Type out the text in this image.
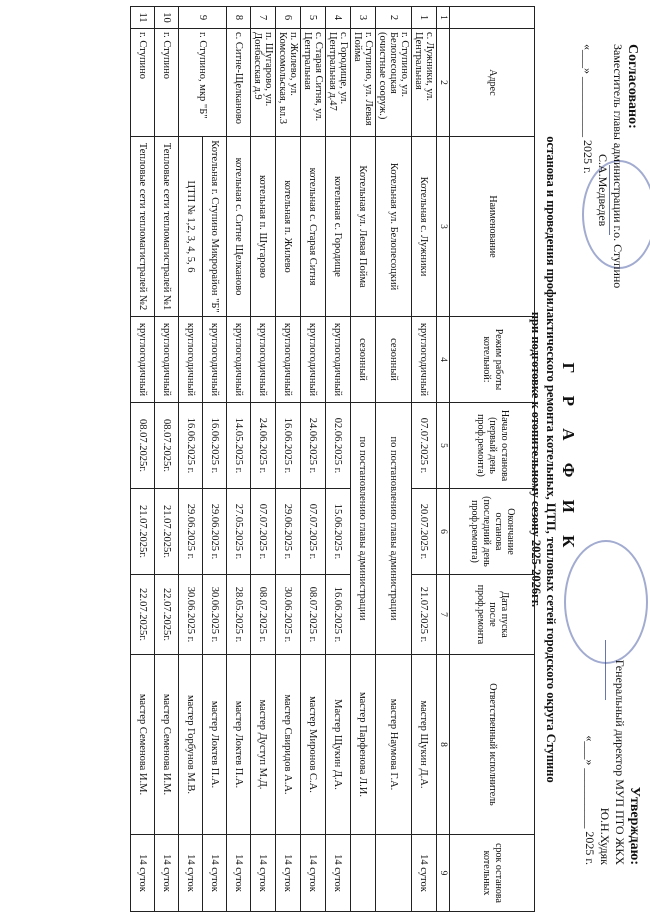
Согласовано:
Заместитель главы администрации г.о. Ступино
С.А.Медведев
«___» __________ 2025 г.
Утверждаю:
Генеральный директор МУП ПТО ЖКХ
Ю.Н.Худяк
«___» __________ 2025 г.
Г Р А Ф И К
останова и проведения профилактического ремонта котельных, ЦТП, тепловых сетей городского округа Ступино
при подготовке к отопительному сезону 2025-2026гг.
	Адрес	Наименование	Режим работы котельной:	Начало останова (первый день проф.ремонта)	Окончание останова (последний день проф.ремонта)	Дата пуска после проф.ремонта	Ответственный исполнитель	срок останова котельных
1	2	3	4	5	6	7	8	9
1	с. Лужники, ул. Центральная	Котельная с. Лужники	круглогодичный	07.07.2025 г.	20.07.2025 г.	21.07.2025 г.	мастер Щукин Д.А.	14 суток
2	г. Ступино, ул. Белопесоцкая (очистные сооруж.)	Котельная ул. Белопесоцкий	сезонный	по постановлению главы администрации			мастер Наумова Г.А.	
3	г. Ступино, ул. Левая Пойма	Котельная ул. Левая Пойма	сезонный	по постановлению главы администрации			мастер Парфенова Л.И.	
4	с. Городище, ул. Центральная д.47	котельная с. Городище	круглогодичный	02.06.2025 г.	15.06.2025 г.	16.06.2025 г.	Мастер Щукин Д.А.	14 суток
5	с. Старая Ситня, ул. Центральная	котельная с. Старая Ситня	круглогодичный	24.06.2025 г.	07.07.2025 г.	08.07.2025 г.	мастер Миронов С.А.	14 суток
6	п. Жилево, ул. Комсомольская, вл.3	котельная п. Жилево	круглогодичный	16.06.2025 г.	29.06.2025 г.	30.06.2025 г.	мастер Свиридов А.А.	14 суток
7	п. Шугарово, ул. Донбасская д.9	котельная п. Шугарово	круглогодичный	24.06.2025 г.	07.07.2025 г.	08.07.2025 г.	мастер Дуступ М.Д.	14 суток
8	с. Ситне-Щелканово	котельная с. Ситне Щелканово	круглогодичный	14.05.2025 г.	27.05.2025 г.	28.05.2025 г.	мастер Локтев П.А.	14 суток
9	г. Ступино, мкр "Б"	Котельная г. Ступино Микрорайон "Б"	круглогодичный	16.06.2025 г.	29.06.2025 г.	30.06.2025 г.	мастер Локтев П.А.	14 суток
		ЦТП № 1,2, 3, 4, 5, 6	круглогодичный	16.06.2025 г.	29.06.2025 г.	30.06.2025 г.	мастер Горбунов М.В.	14 суток
10	г. Ступино	Тепловые сети тепломагистралей №1	круглогодичный	08.07.2025г.	21.07.2025г.	22.07.2025г.	мастер Семенова И.М.	14 суток
11	г. Ступино	Тепловые сети тепломагистралей №2	круглогодичный	08.07.2025г.	21.07.2025г.	22.07.2025г.	мастер Семенова И.М.	14 суток
